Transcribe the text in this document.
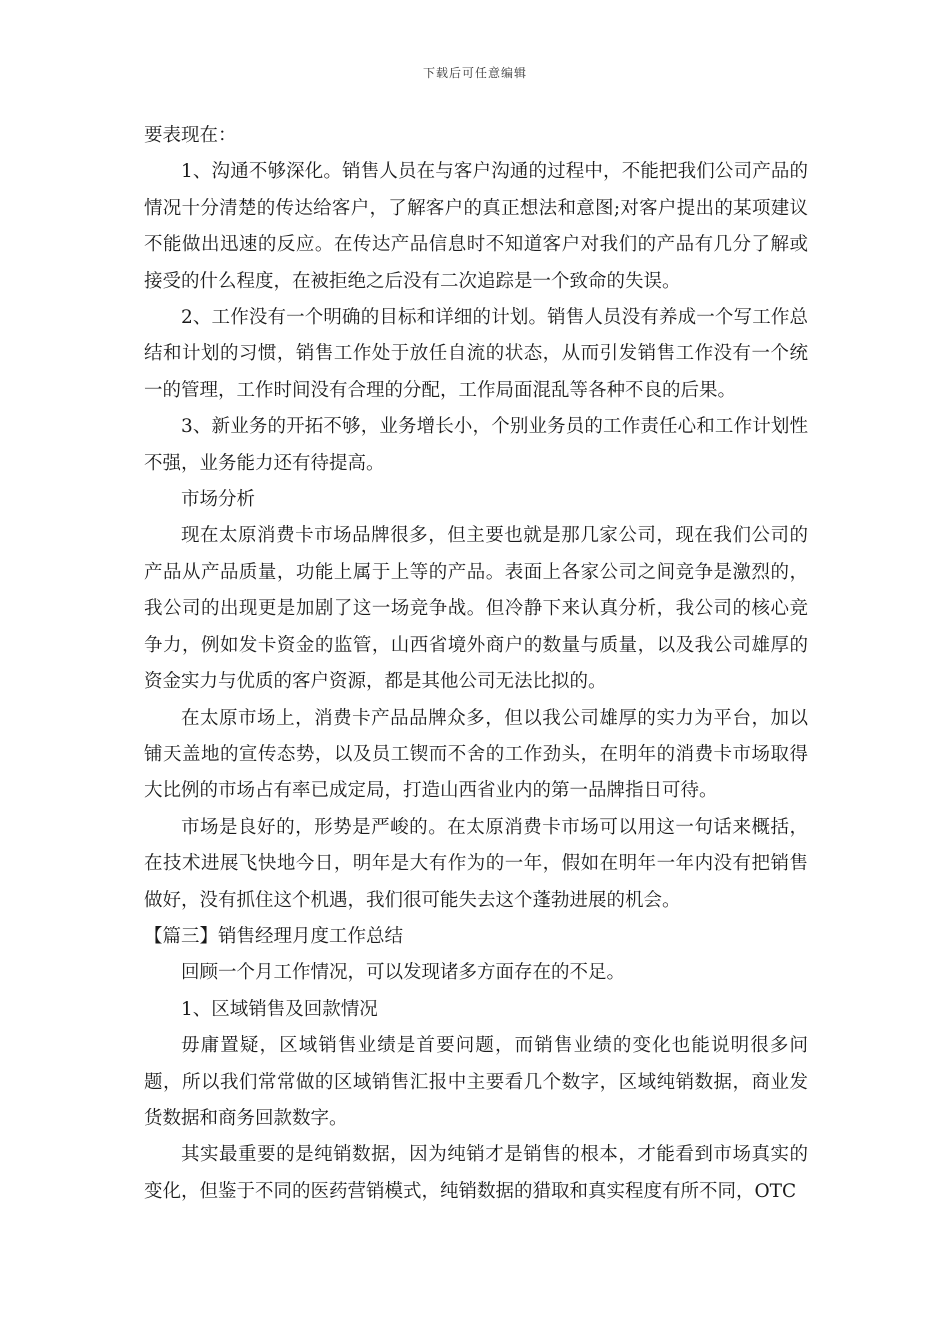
下载后可任意编辑

要表现在：

1、沟通不够深化。销售人员在与客户沟通的过程中，不能把我们公司产品的情况十分清楚的传达给客户，了解客户的真正想法和意图;对客户提出的某项建议不能做出迅速的反应。在传达产品信息时不知道客户对我们的产品有几分了解或接受的什么程度，在被拒绝之后没有二次追踪是一个致命的失误。

2、工作没有一个明确的目标和详细的计划。销售人员没有养成一个写工作总结和计划的习惯，销售工作处于放任自流的状态，从而引发销售工作没有一个统一的管理，工作时间没有合理的分配，工作局面混乱等各种不良的后果。

3、新业务的开拓不够，业务增长小，个别业务员的工作责任心和工作计划性不强，业务能力还有待提高。

市场分析

现在太原消费卡市场品牌很多，但主要也就是那几家公司，现在我们公司的产品从产品质量，功能上属于上等的产品。表面上各家公司之间竞争是激烈的，我公司的出现更是加剧了这一场竞争战。但冷静下来认真分析，我公司的核心竞争力，例如发卡资金的监管，山西省境外商户的数量与质量，以及我公司雄厚的资金实力与优质的客户资源，都是其他公司无法比拟的。

在太原市场上，消费卡产品品牌众多，但以我公司雄厚的实力为平台，加以铺天盖地的宣传态势，以及员工锲而不舍的工作劲头，在明年的消费卡市场取得大比例的市场占有率已成定局，打造山西省业内的第一品牌指日可待。

市场是良好的，形势是严峻的。在太原消费卡市场可以用这一句话来概括，在技术进展飞快地今日，明年是大有作为的一年，假如在明年一年内没有把销售做好，没有抓住这个机遇，我们很可能失去这个蓬勃进展的机会。

【篇三】销售经理月度工作总结

回顾一个月工作情况，可以发现诸多方面存在的不足。

1、区域销售及回款情况

毋庸置疑，区域销售业绩是首要问题，而销售业绩的变化也能说明很多问题，所以我们常常做的区域销售汇报中主要看几个数字，区域纯销数据，商业发货数据和商务回款数字。

其实最重要的是纯销数据，因为纯销才是销售的根本，才能看到市场真实的变化，但鉴于不同的医药营销模式，纯销数据的猎取和真实程度有所不同，OTC
